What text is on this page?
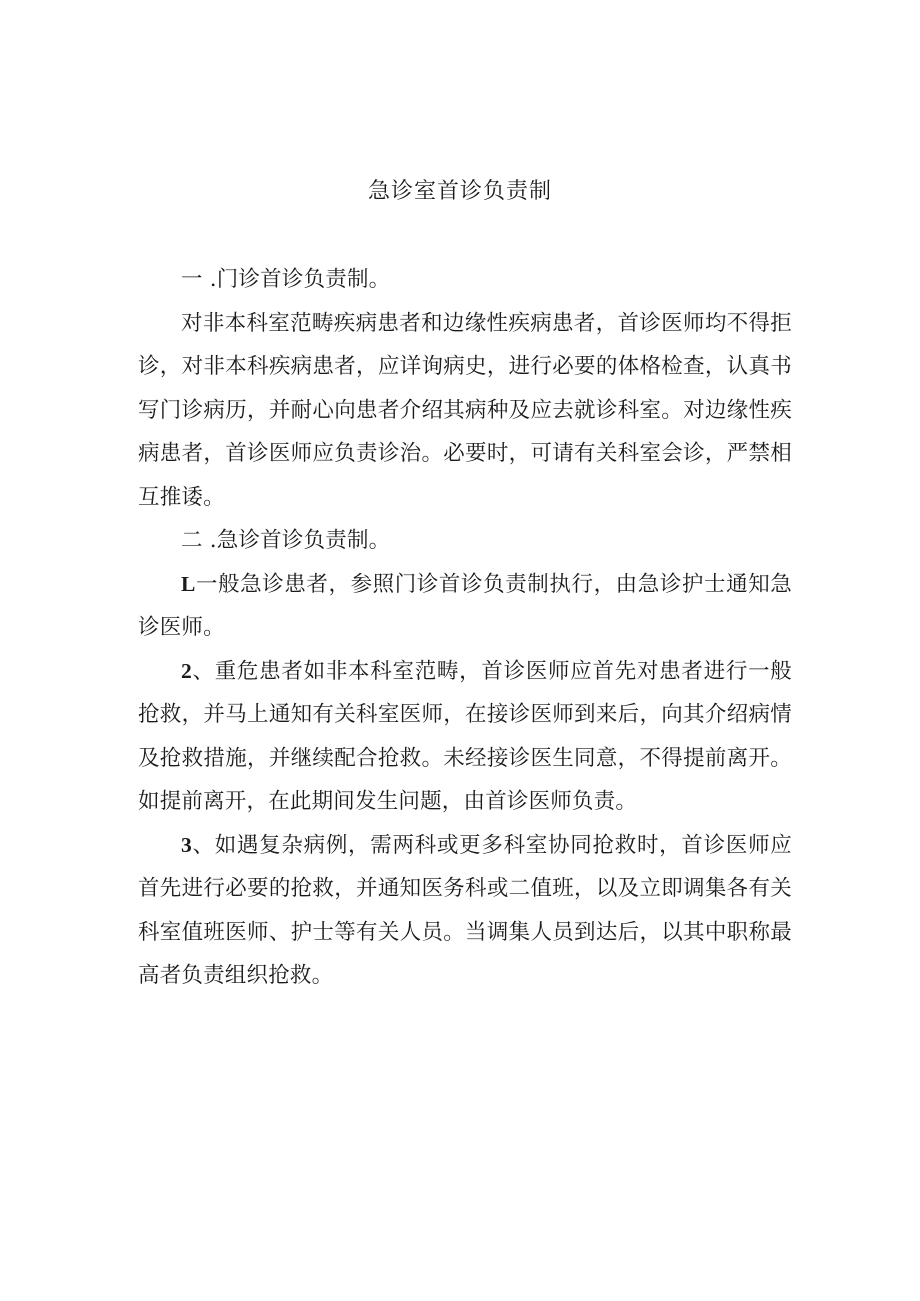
急诊室首诊负责制

一 .门诊首诊负责制。

对非本科室范畴疾病患者和边缘性疾病患者，首诊医师均不得拒诊，对非本科疾病患者，应详询病史，进行必要的体格检查，认真书写门诊病历，并耐心向患者介绍其病种及应去就诊科室。对边缘性疾病患者，首诊医师应负责诊治。必要时，可请有关科室会诊，严禁相互推诿。

二 .急诊首诊负责制。

L一般急诊患者，参照门诊首诊负责制执行，由急诊护士通知急诊医师。

2、重危患者如非本科室范畴，首诊医师应首先对患者进行一般抢救，并马上通知有关科室医师，在接诊医师到来后，向其介绍病情及抢救措施，并继续配合抢救。未经接诊医生同意，不得提前离开。如提前离开，在此期间发生问题，由首诊医师负责。

3、如遇复杂病例，需两科或更多科室协同抢救时，首诊医师应首先进行必要的抢救，并通知医务科或二值班，以及立即调集各有关科室值班医师、护士等有关人员。当调集人员到达后，以其中职称最高者负责组织抢救。
